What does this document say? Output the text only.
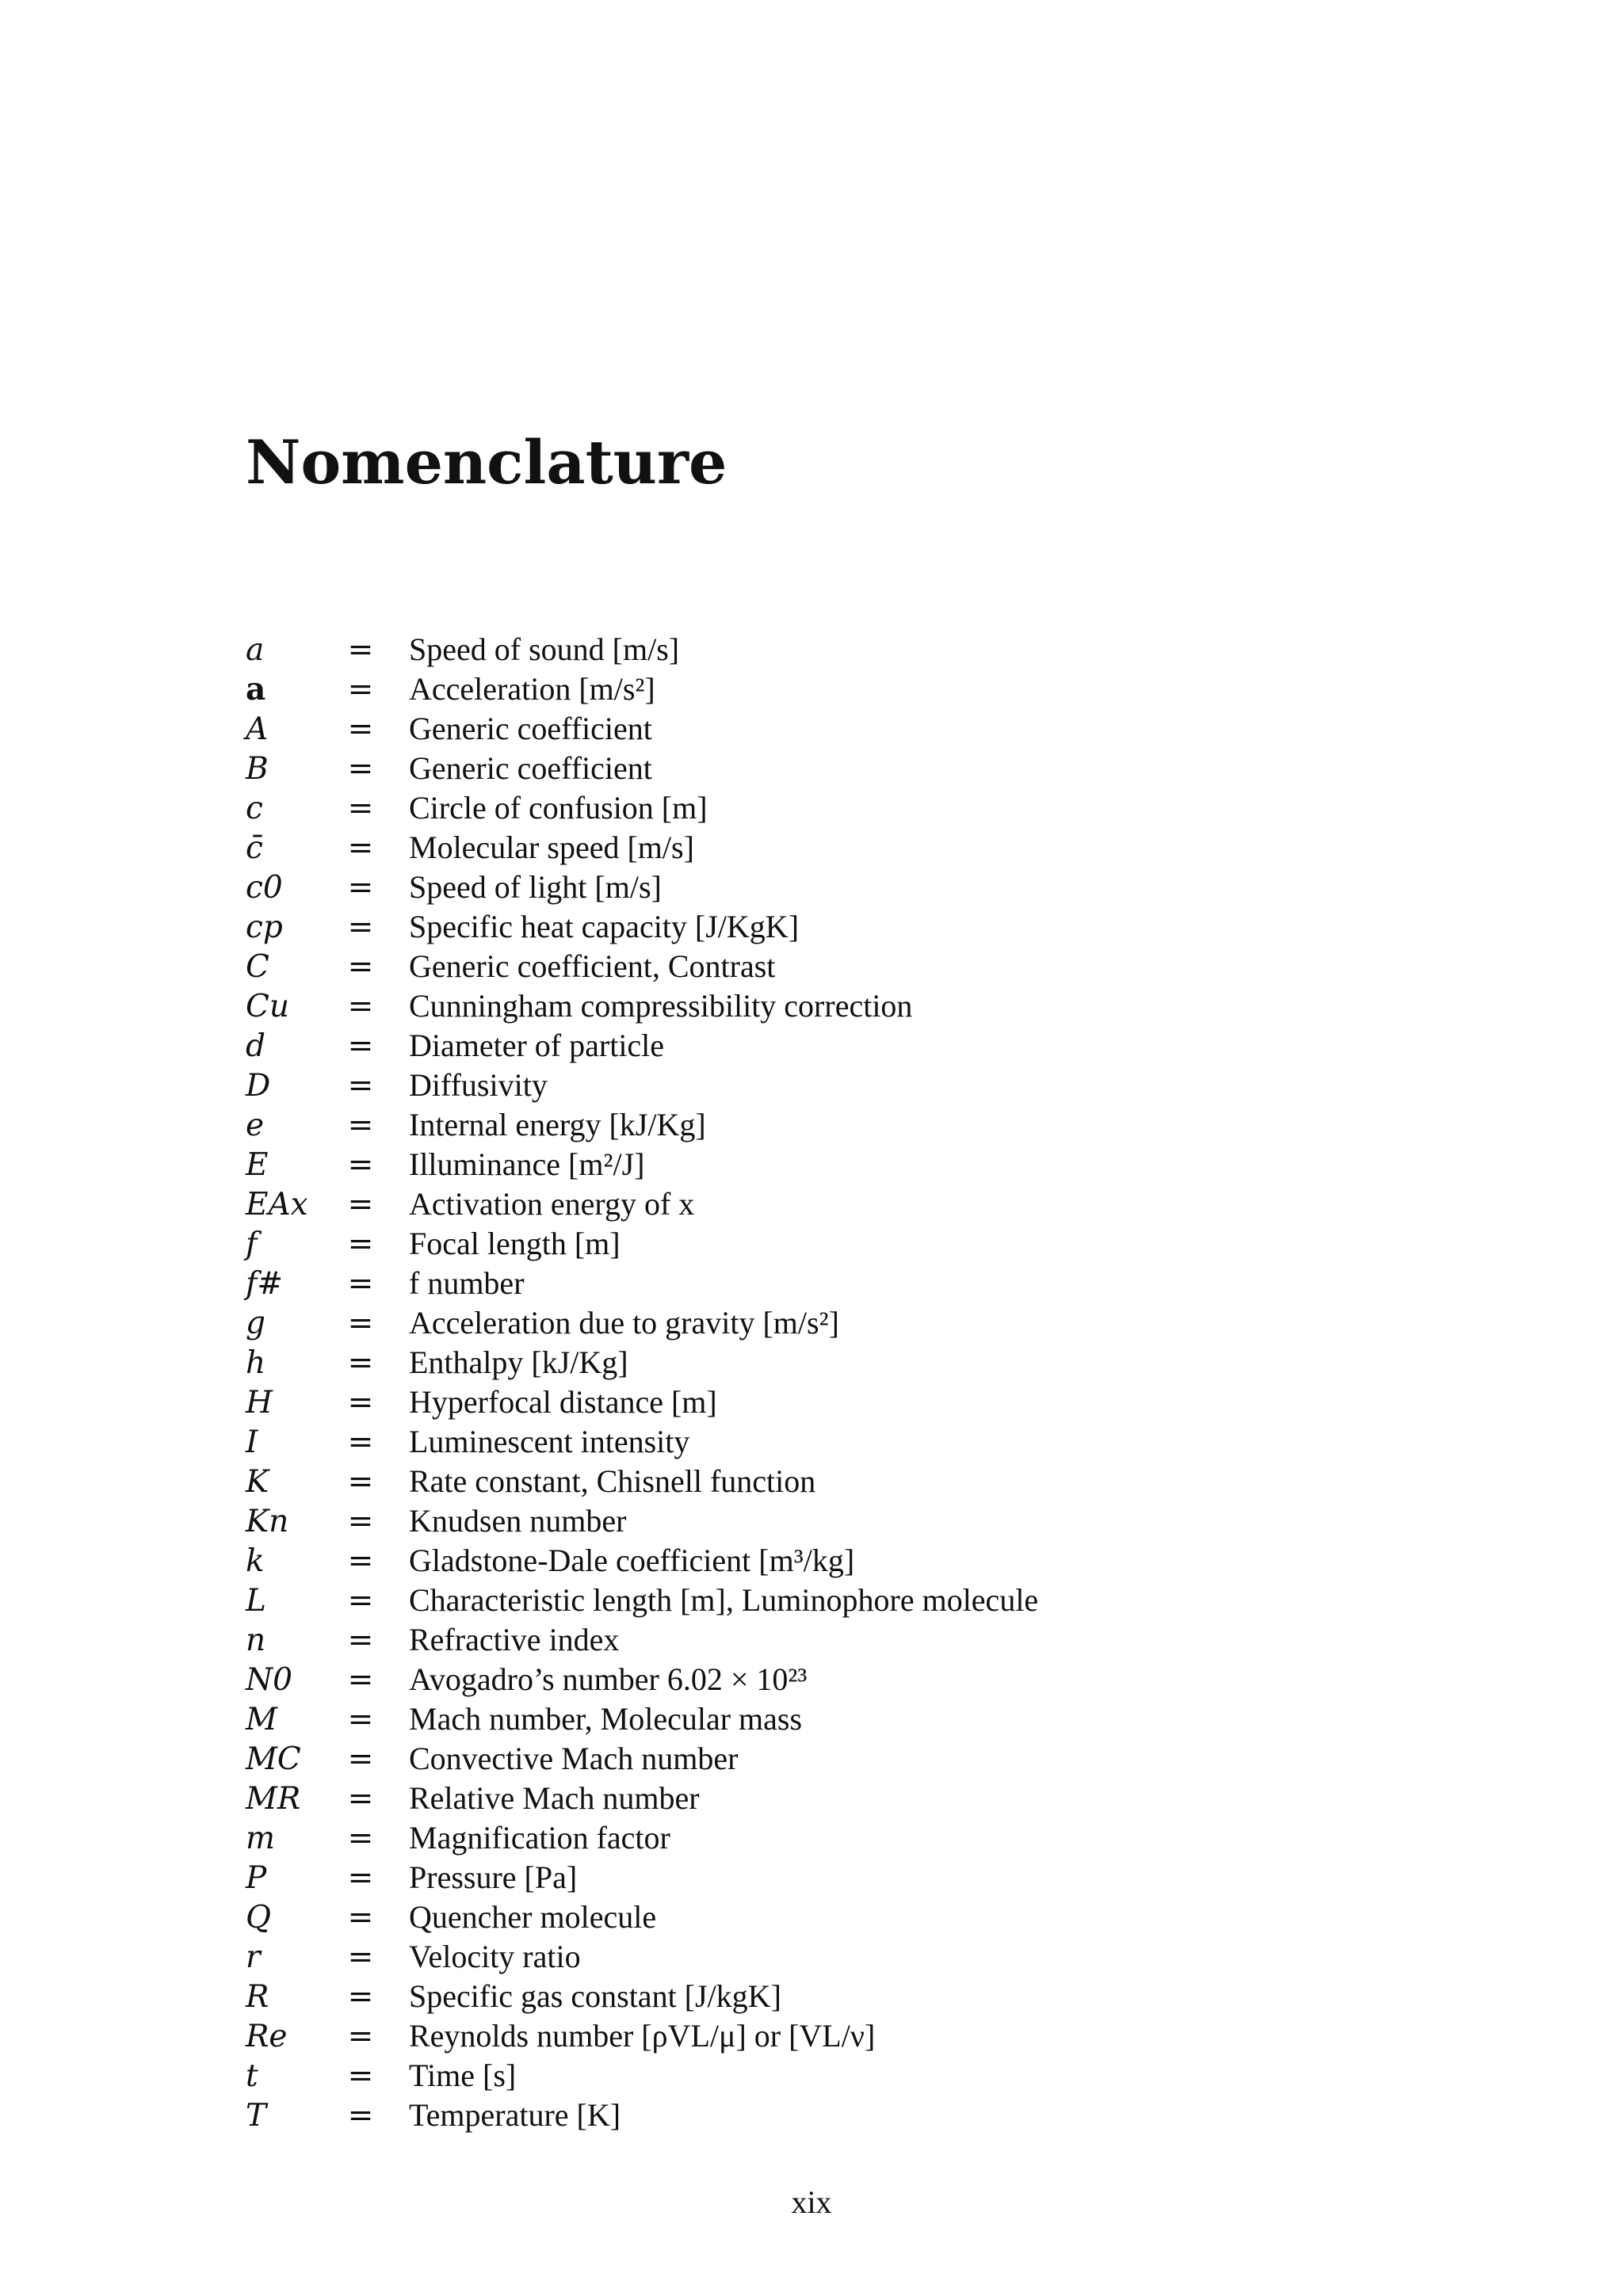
Nomenclature
a	=	Speed of sound [m/s]
a	=	Acceleration [m/s²]
A	=	Generic coefficient
B	=	Generic coefficient
c	=	Circle of confusion [m]
c̄	=	Molecular speed [m/s]
c0	=	Speed of light [m/s]
cp	=	Specific heat capacity [J/KgK]
C	=	Generic coefficient, Contrast
Cu	=	Cunningham compressibility correction
d	=	Diameter of particle
D	=	Diffusivity
e	=	Internal energy [kJ/Kg]
E	=	Illuminance [m²/J]
EAx	=	Activation energy of x
f	=	Focal length [m]
f#	=	f number
g	=	Acceleration due to gravity [m/s²]
h	=	Enthalpy [kJ/Kg]
H	=	Hyperfocal distance [m]
I	=	Luminescent intensity
K	=	Rate constant, Chisnell function
Kn	=	Knudsen number
k	=	Gladstone-Dale coefficient [m³/kg]
L	=	Characteristic length [m], Luminophore molecule
n	=	Refractive index
N0	=	Avogadro’s number 6.02 × 10²³
M	=	Mach number, Molecular mass
MC	=	Convective Mach number
MR	=	Relative Mach number
m	=	Magnification factor
P	=	Pressure [Pa]
Q	=	Quencher molecule
r	=	Velocity ratio
R	=	Specific gas constant [J/kgK]
Re	=	Reynolds number [ρVL/μ] or [VL/ν]
t	=	Time [s]
T	=	Temperature [K]
xix
